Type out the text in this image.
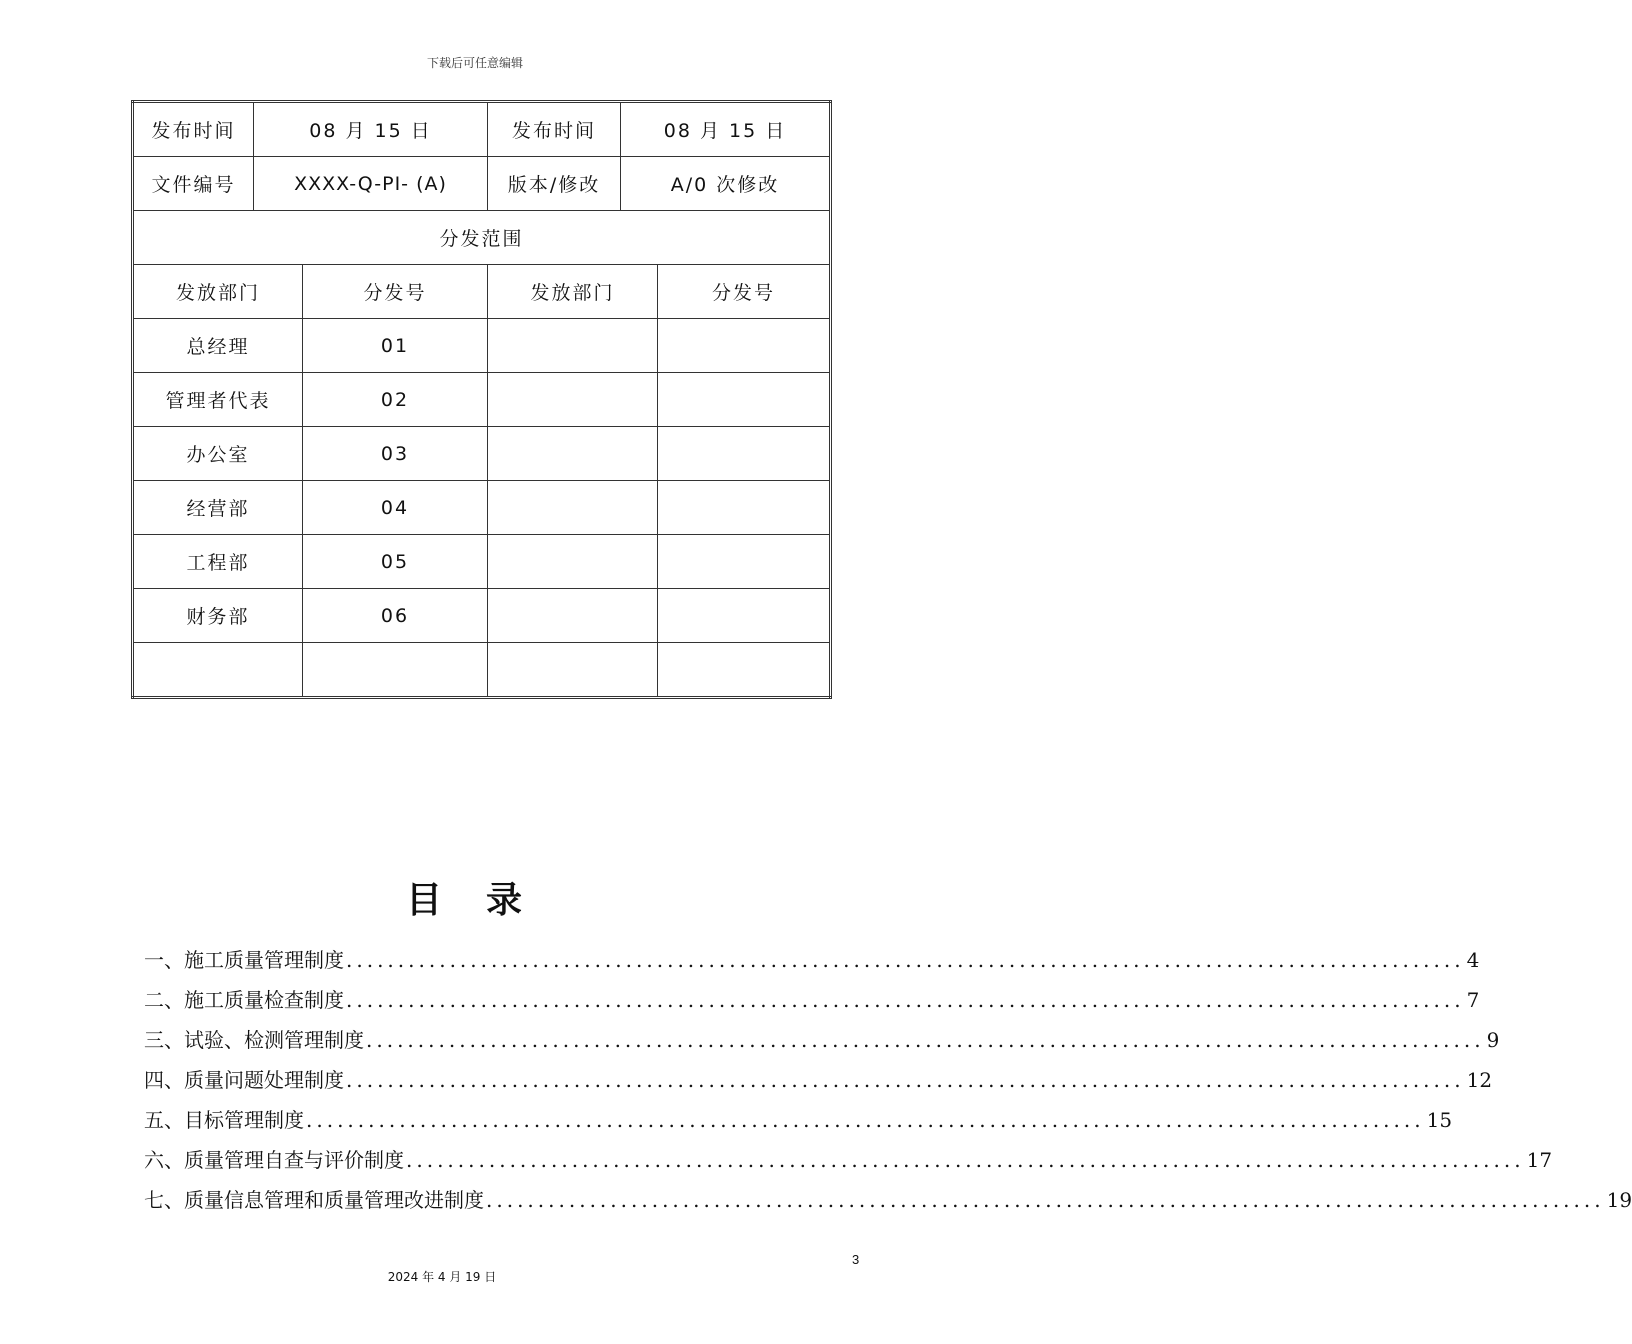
下载后可任意编辑
发布时间	08 月 15 日		发布时间	08 月 15 日	
文件编号	XXXX-Q-PI- (A)		版本/修改	A/0 次修改	
分发范围					
发放部门		分发号	发放部门		分发号
总经理		01			
管理者代表		02			
办公室		03			
经营部		04			
工程部		05			
财务部		06			

目录
一、施工质量管理制度 ............................................................................................................ 4
二、施工质量检查制度 ............................................................................................................ 7
三、试验、检测管理制度 ............................................................................................................ 9
四、质量问题处理制度 ............................................................................................................ 12
五、目标管理制度 ............................................................................................................ 15
六、质量管理自查与评价制度 ............................................................................................................ 17
七、质量信息管理和质量管理改进制度 ............................................................................................................ 19
3
2024 年 4 月 19 日
